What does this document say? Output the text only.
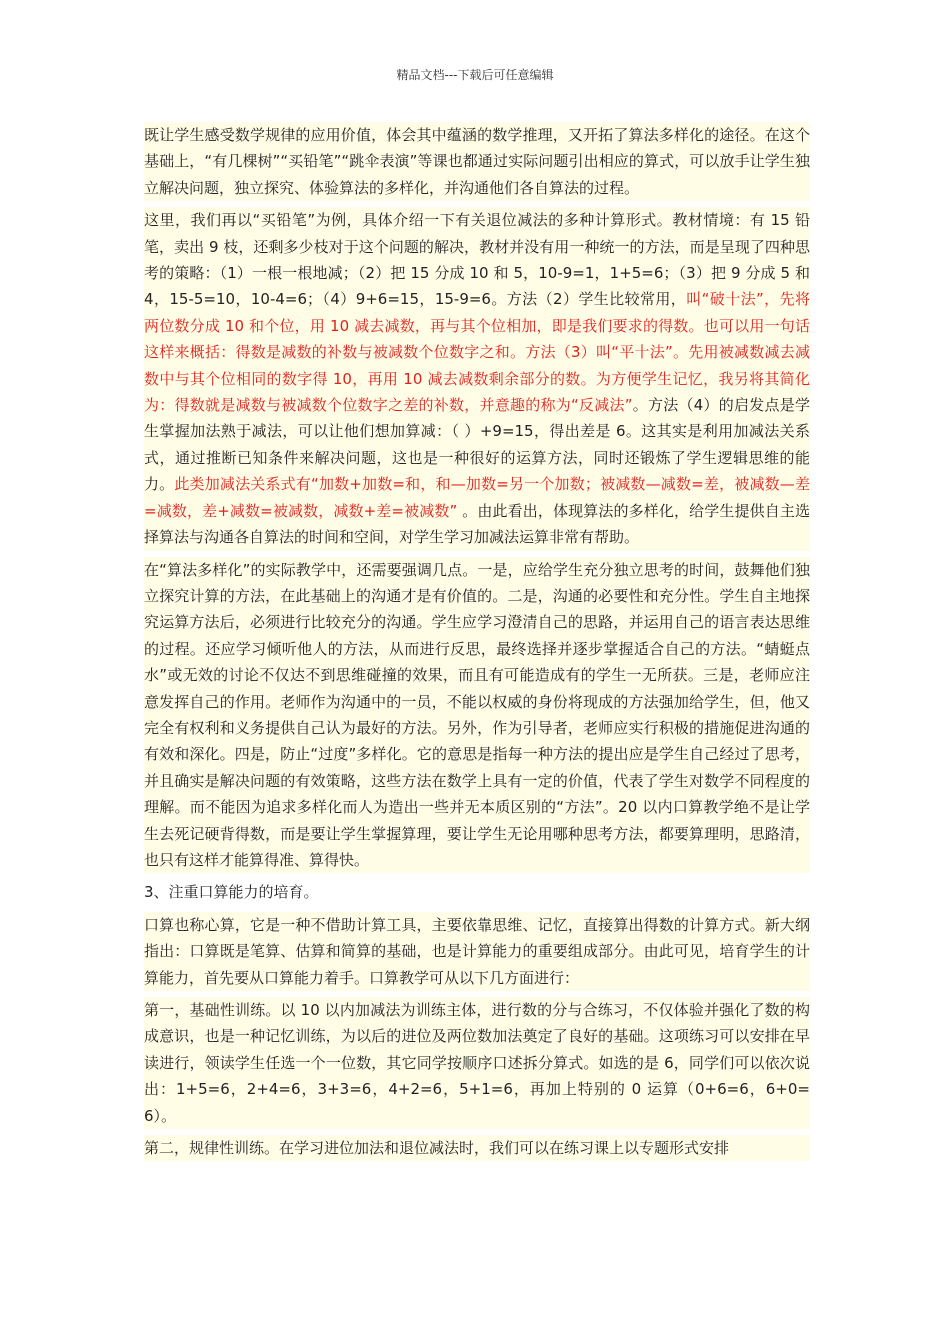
精品文档---下载后可任意编辑

既让学生感受数学规律的应用价值，体会其中蕴涵的数学推理，又开拓了算法多样化的途径。在这个基础上，“有几棵树”“买铅笔”“跳伞表演”等课也都通过实际问题引出相应的算式，可以放手让学生独立解决问题，独立探究、体验算法的多样化，并沟通他们各自算法的过程。

这里，我们再以“买铅笔”为例，具体介绍一下有关退位减法的多种计算形式。教材情境：有 15 铅笔，卖出 9 枝，还剩多少枝对于这个问题的解决，教材并没有用一种统一的方法，而是呈现了四种思考的策略：（1）一根一根地减；（2）把 15 分成 10 和 5，10-9=1，1+5=6；（3）把 9 分成 5 和 4，15-5=10，10-4=6；（4）9+6=15，15-9=6。方法（2）学生比较常用，叫“破十法”，先将两位数分成 10 和个位，用 10 减去减数，再与其个位相加，即是我们要求的得数。也可以用一句话这样来概括：得数是减数的补数与被减数个位数字之和。方法（3）叫“平十法”。先用被减数减去减数中与其个位相同的数字得 10，再用 10 减去减数剩余部分的数。为方便学生记忆，我另将其简化为：得数就是减数与被减数个位数字之差的补数，并意趣的称为“反减法”。方法（4）的启发点是学生掌握加法熟于减法，可以让他们想加算减：（ ）+9=15，得出差是 6。这其实是利用加减法关系式，通过推断已知条件来解决问题，这也是一种很好的运算方法，同时还锻炼了学生逻辑思维的能力。此类加减法关系式有“加数+加数=和，和—加数=另一个加数；被减数—减数=差，被减数—差=减数，差+减数=被减数，减数+差=被减数” 。由此看出，体现算法的多样化，给学生提供自主选择算法与沟通各自算法的时间和空间，对学生学习加减法运算非常有帮助。

在“算法多样化”的实际教学中，还需要强调几点。一是，应给学生充分独立思考的时间，鼓舞他们独立探究计算的方法，在此基础上的沟通才是有价值的。二是，沟通的必要性和充分性。学生自主地探究运算方法后，必须进行比较充分的沟通。学生应学习澄清自己的思路，并运用自己的语言表达思维的过程。还应学习倾听他人的方法，从而进行反思，最终选择并逐步掌握适合自己的方法。“蜻蜓点水”或无效的讨论不仅达不到思维碰撞的效果，而且有可能造成有的学生一无所获。三是，老师应注意发挥自己的作用。老师作为沟通中的一员，不能以权威的身份将现成的方法强加给学生，但，他又完全有权利和义务提供自己认为最好的方法。另外，作为引导者，老师应实行积极的措施促进沟通的有效和深化。四是，防止“过度”多样化。它的意思是指每一种方法的提出应是学生自己经过了思考，并且确实是解决问题的有效策略，这些方法在数学上具有一定的价值，代表了学生对数学不同程度的理解。而不能因为追求多样化而人为造出一些并无本质区别的“方法”。20 以内口算教学绝不是让学生去死记硬背得数，而是要让学生掌握算理，要让学生无论用哪种思考方法，都要算理明，思路清，也只有这样才能算得准、算得快。

3、注重口算能力的培育。

口算也称心算，它是一种不借助计算工具，主要依靠思维、记忆，直接算出得数的计算方式。新大纲指出：口算既是笔算、估算和简算的基础，也是计算能力的重要组成部分。由此可见，培育学生的计算能力，首先要从口算能力着手。口算教学可从以下几方面进行：

第一，基础性训练。以 10 以内加减法为训练主体，进行数的分与合练习，不仅体验并强化了数的构成意识，也是一种记忆训练，为以后的进位及两位数加法奠定了良好的基础。这项练习可以安排在早读进行，领读学生任选一个一位数，其它同学按顺序口述拆分算式。如选的是 6，同学们可以依次说出：1+5=6，2+4=6，3+3=6，4+2=6，5+1=6，再加上特别的 0 运算（0+6=6，6+0=6）。

第二，规律性训练。在学习进位加法和退位减法时，我们可以在练习课上以专题形式安排
